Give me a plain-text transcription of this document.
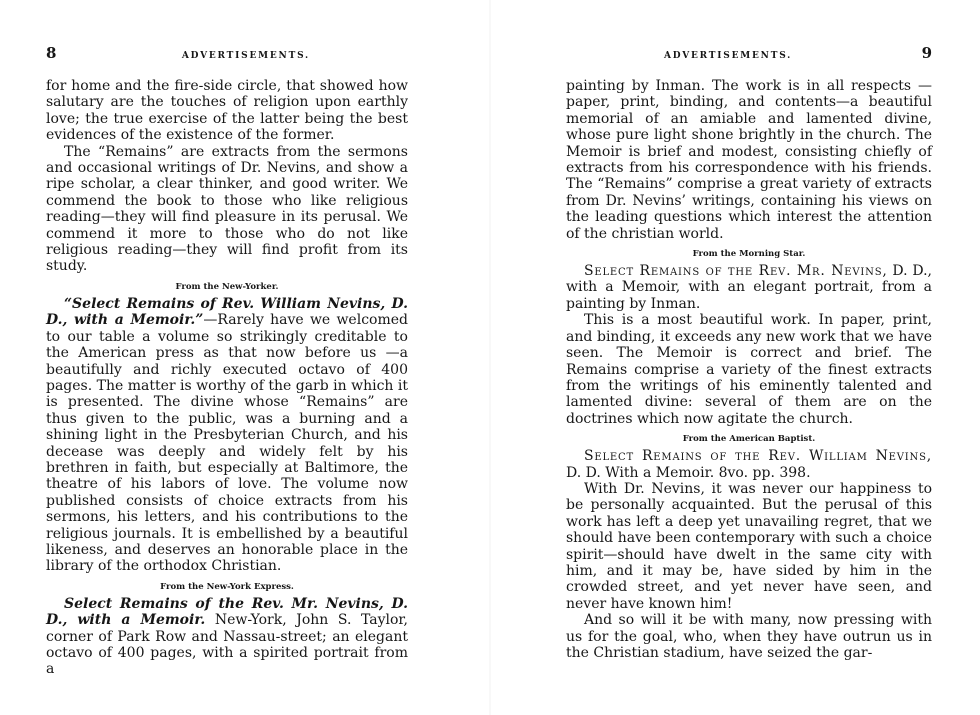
8	ADVERTISEMENTS.

for home and the fire-side circle, that showed how salutary are the touches of religion upon earthly love; the true exercise of the latter being the best evidences of the existence of the former.

The “Remains” are extracts from the sermons and occasional writings of Dr. Nevins, and show a ripe scholar, a clear thinker, and good writer. We commend the book to those who like religious reading—they will find pleasure in its perusal. We commend it more to those who do not like religious reading—they will find profit from its study.

From the New-Yorker.

“Select Remains of Rev. William Nevins, D. D., with a Memoir.”—Rarely have we welcomed to our table a volume so strikingly creditable to the American press as that now before us —a beautifully and richly executed octavo of 400 pages. The matter is worthy of the garb in which it is presented. The divine whose “Remains” are thus given to the public, was a burning and a shining light in the Presbyterian Church, and his decease was deeply and widely felt by his brethren in faith, but especially at Baltimore, the theatre of his labors of love. The volume now published consists of choice extracts from his sermons, his letters, and his contributions to the religious journals. It is embellished by a beautiful likeness, and deserves an honorable place in the library of the orthodox Christian.

From the New-York Express.

Select Remains of the Rev. Mr. Nevins, D. D., with a Memoir. New-York, John S. Taylor, corner of Park Row and Nassau-street; an elegant octavo of 400 pages, with a spirited portrait from a

ADVERTISEMENTS.	9

painting by Inman. The work is in all respects —paper, print, binding, and contents—a beautiful memorial of an amiable and lamented divine, whose pure light shone brightly in the church. The Memoir is brief and modest, consisting chiefly of extracts from his correspondence with his friends. The “Remains” comprise a great variety of extracts from Dr. Nevins’ writings, containing his views on the leading questions which interest the attention of the christian world.

From the Morning Star.

Select Remains of the Rev. Mr. Nevins, D. D., with a Memoir, with an elegant portrait, from a painting by Inman.

This is a most beautiful work. In paper, print, and binding, it exceeds any new work that we have seen. The Memoir is correct and brief. The Remains comprise a variety of the finest extracts from the writings of his eminently talented and lamented divine: several of them are on the doctrines which now agitate the church.

From the American Baptist.

Select Remains of the Rev. William Nevins, D. D. With a Memoir. 8vo. pp. 398.

With Dr. Nevins, it was never our happiness to be personally acquainted. But the perusal of this work has left a deep yet unavailing regret, that we should have been contemporary with such a choice spirit—should have dwelt in the same city with him, and it may be, have sided by him in the crowded street, and yet never have seen, and never have known him!

And so will it be with many, now pressing with us for the goal, who, when they have outrun us in the Christian stadium, have seized the gar-
